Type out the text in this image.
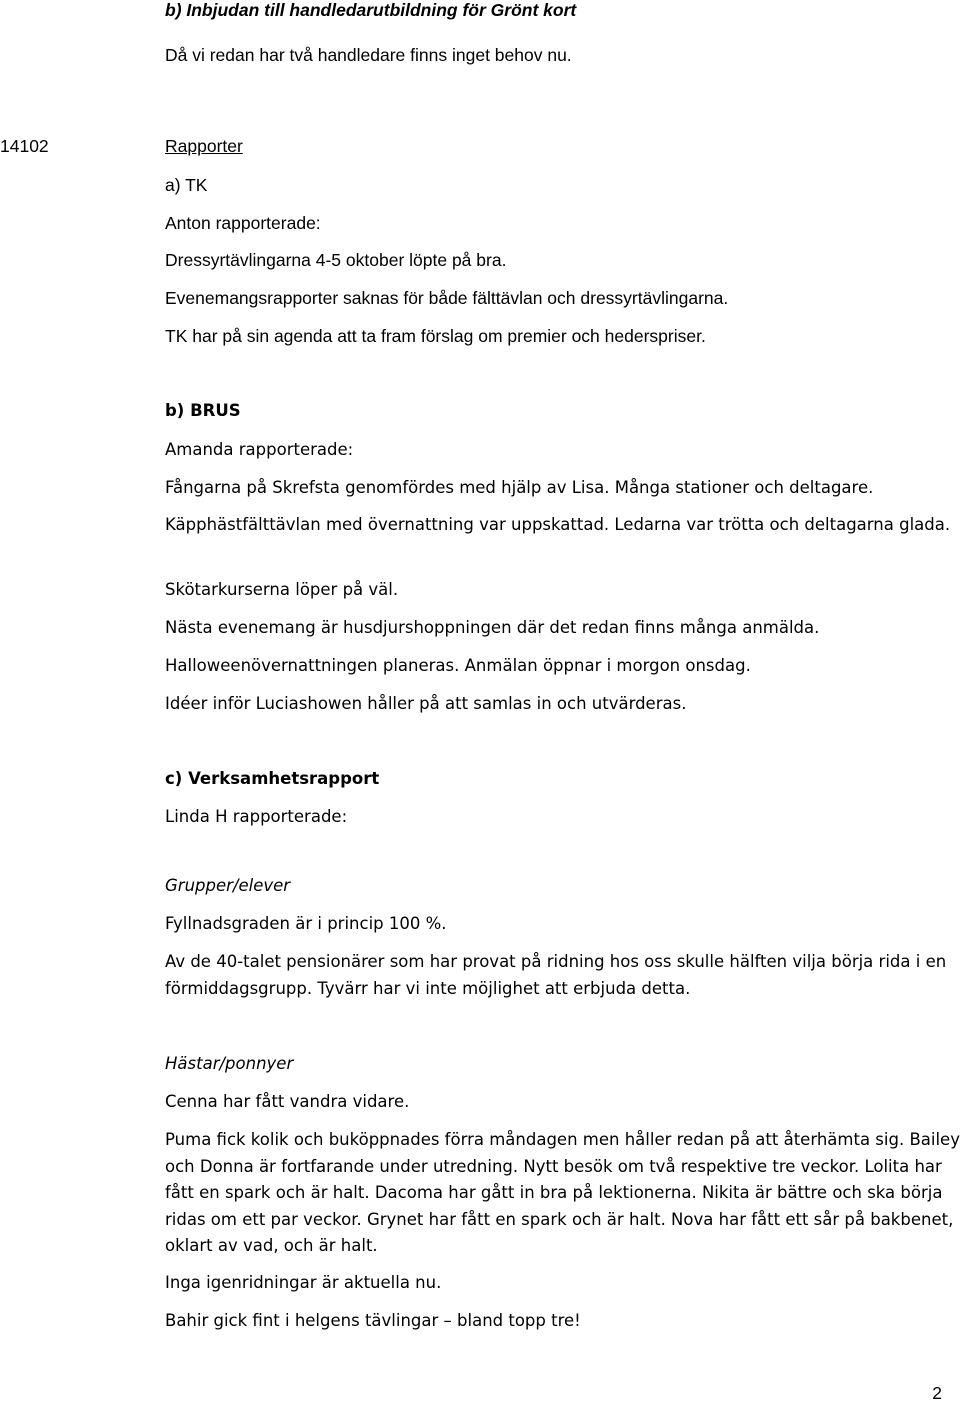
b) Inbjudan till handledarutbildning för Grönt kort

Då vi redan har två handledare finns inget behov nu.

14102	Rapporter

a) TK

Anton rapporterade:

Dressyrtävlingarna 4-5 oktober löpte på bra.

Evenemangsrapporter saknas för både fälttävlan och dressyrtävlingarna.

TK har på sin agenda att ta fram förslag om premier och hederspriser.

b) BRUS

Amanda rapporterade:

Fångarna på Skrefsta genomfördes med hjälp av Lisa. Många stationer och deltagare.

Käpphästfälttävlan med övernattning var uppskattad. Ledarna var trötta och deltagarna glada.

Skötarkurserna löper på väl.

Nästa evenemang är husdjurshoppningen där det redan finns många anmälda.

Halloweenövernattningen planeras. Anmälan öppnar i morgon onsdag.

Idéer inför Luciashowen håller på att samlas in och utvärderas.

c) Verksamhetsrapport

Linda H rapporterade:

Grupper/elever

Fyllnadsgraden är i princip 100 %.

Av de 40-talet pensionärer som har provat på ridning hos oss skulle hälften vilja börja rida i en förmiddagsgrupp. Tyvärr har vi inte möjlighet att erbjuda detta.

Hästar/ponnyer

Cenna har fått vandra vidare.

Puma fick kolik och buköppnades förra måndagen men håller redan på att återhämta sig. Bailey och Donna är fortfarande under utredning. Nytt besök om två respektive tre veckor. Lolita har fått en spark och är halt. Dacoma har gått in bra på lektionerna. Nikita är bättre och ska börja ridas om ett par veckor. Grynet har fått en spark och är halt. Nova har fått ett sår på bakbenet, oklart av vad, och är halt.

Inga igenridningar är aktuella nu.

Bahir gick fint i helgens tävlingar – bland topp tre!

2
